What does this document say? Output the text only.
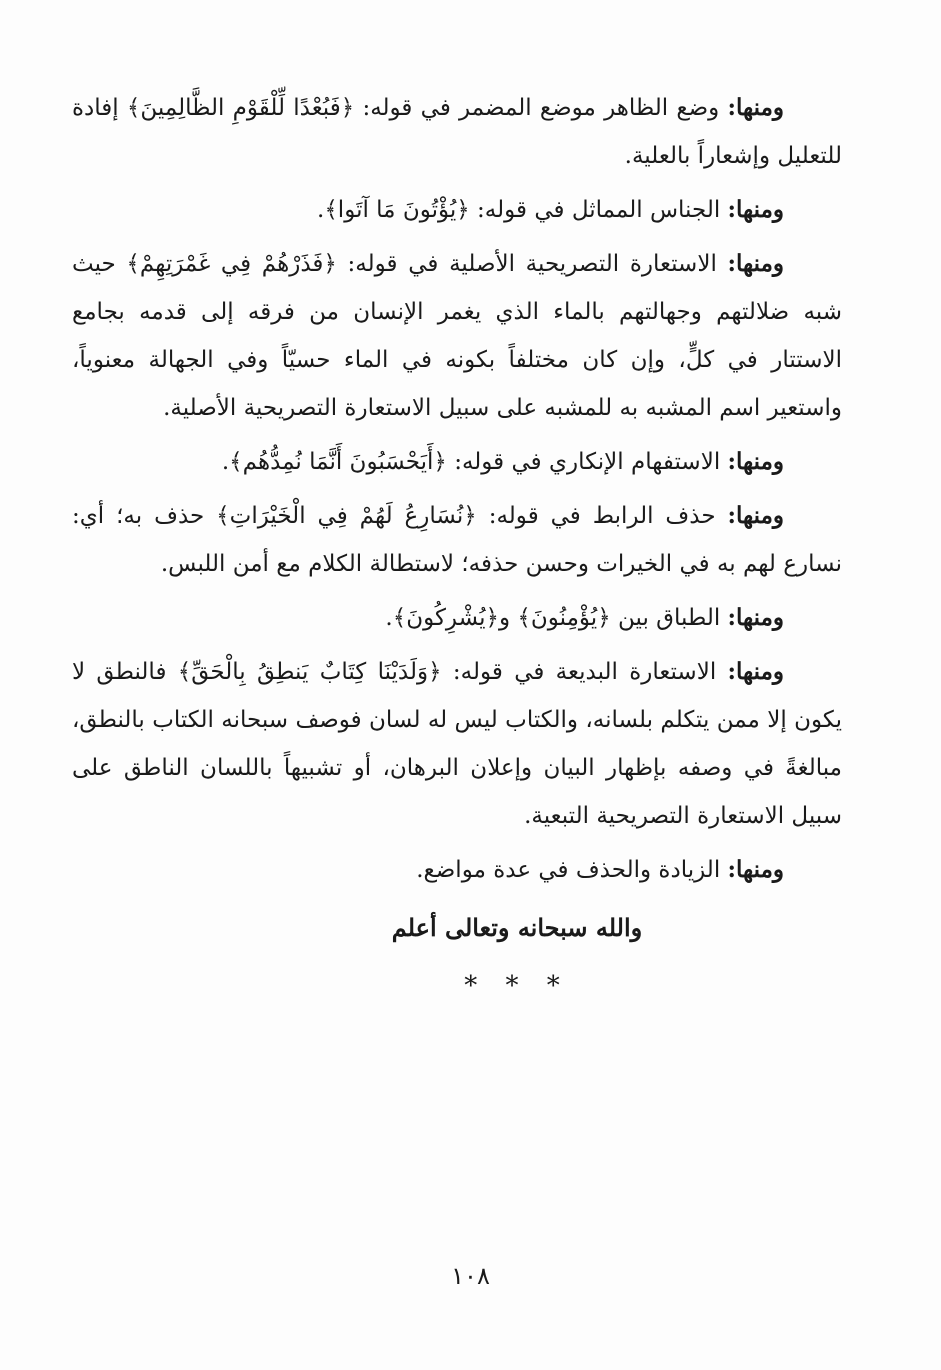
ومنها: وضع الظاهر موضع المضمر في قوله: ﴿فَبُعْدًا لِّلْقَوْمِ الظَّالِمِينَ﴾ إفادة للتعليل وإشعاراً بالعلية.

ومنها: الجناس المماثل في قوله: ﴿يُؤْتُونَ مَا آتَوا﴾.

ومنها: الاستعارة التصريحية الأصلية في قوله: ﴿فَذَرْهُمْ فِي غَمْرَتِهِمْ﴾ حيث شبه ضلالتهم وجهالتهم بالماء الذي يغمر الإنسان من فرقه إلى قدمه بجامع الاستتار في كلٍّ، وإن كان مختلفاً بكونه في الماء حسيّاً وفي الجهالة معنوياً، واستعير اسم المشبه به للمشبه على سبيل الاستعارة التصريحية الأصلية.

ومنها: الاستفهام الإنكاري في قوله: ﴿أَيَحْسَبُونَ أَنَّمَا نُمِدُّهُم﴾.

ومنها: حذف الرابط في قوله: ﴿نُسَارِعُ لَهُمْ فِي الْخَيْرَاتِ﴾ حذف به؛ أي: نسارع لهم به في الخيرات وحسن حذفه؛ لاستطالة الكلام مع أمن اللبس.

ومنها: الطباق بين ﴿يُؤْمِنُونَ﴾ و﴿يُشْرِكُونَ﴾.

ومنها: الاستعارة البديعة في قوله: ﴿وَلَدَيْنَا كِتَابٌ يَنطِقُ بِالْحَقِّ﴾ فالنطق لا يكون إلا ممن يتكلم بلسانه، والكتاب ليس له لسان فوصف سبحانه الكتاب بالنطق، مبالغةً في وصفه بإظهار البيان وإعلان البرهان، أو تشبيهاً باللسان الناطق على سبيل الاستعارة التصريحية التبعية.

ومنها: الزيادة والحذف في عدة مواضع.

والله سبحانه وتعالى أعلم
* * *
١٠٨
